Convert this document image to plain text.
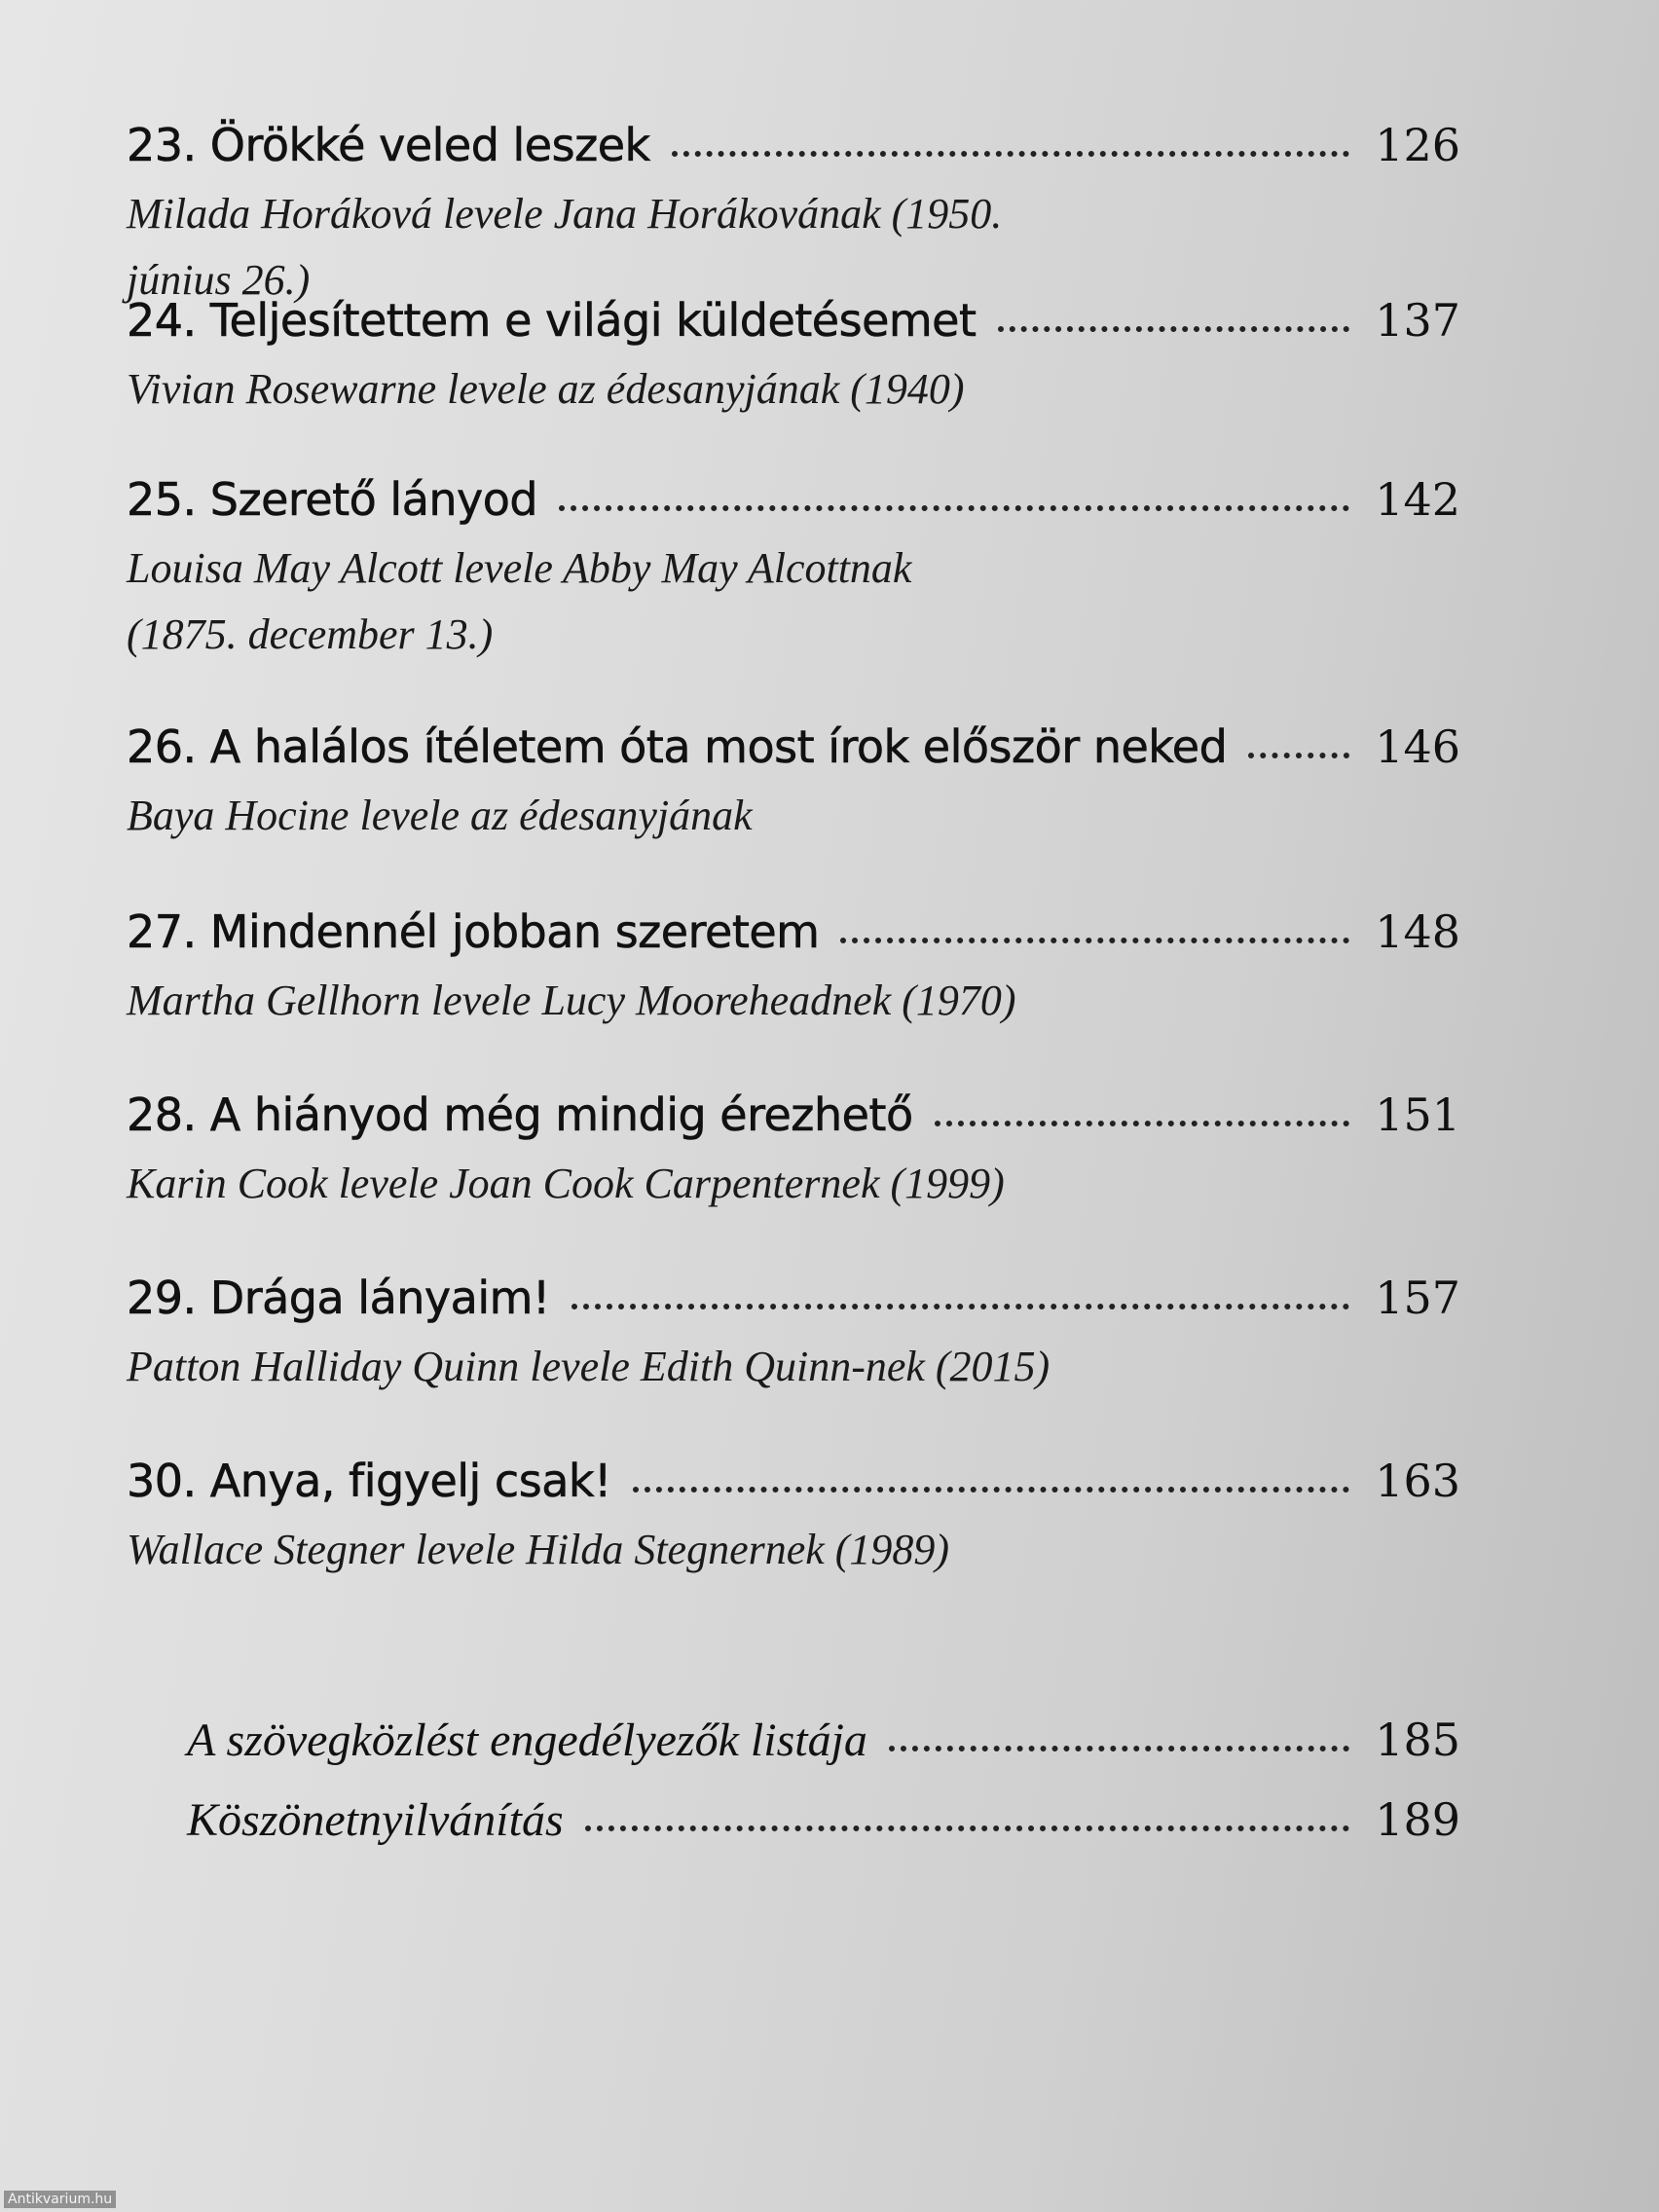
23. Örökké veled leszek	126
Milada Horáková levele Jana Horákovának (1950. június 26.)
24. Teljesítettem e világi küldetésemet	137
Vivian Rosewarne levele az édesanyjának (1940)
25. Szerető lányod	142
Louisa May Alcott levele Abby May Alcottnak (1875. december 13.)
26. A halálos ítéletem óta most írok először neked	146
Baya Hocine levele az édesanyjának
27. Mindennél jobban szeretem	148
Martha Gellhorn levele Lucy Mooreheadnek (1970)
28. A hiányod még mindig érezhető	151
Karin Cook levele Joan Cook Carpenternek (1999)
29. Drága lányaim!	157
Patton Halliday Quinn levele Edith Quinn-nek (2015)
30. Anya, figyelj csak!	163
Wallace Stegner levele Hilda Stegnernek (1989)
A szövegközlést engedélyezők listája	185
Köszönetnyilvánítás	189
Antikvarium.hu
